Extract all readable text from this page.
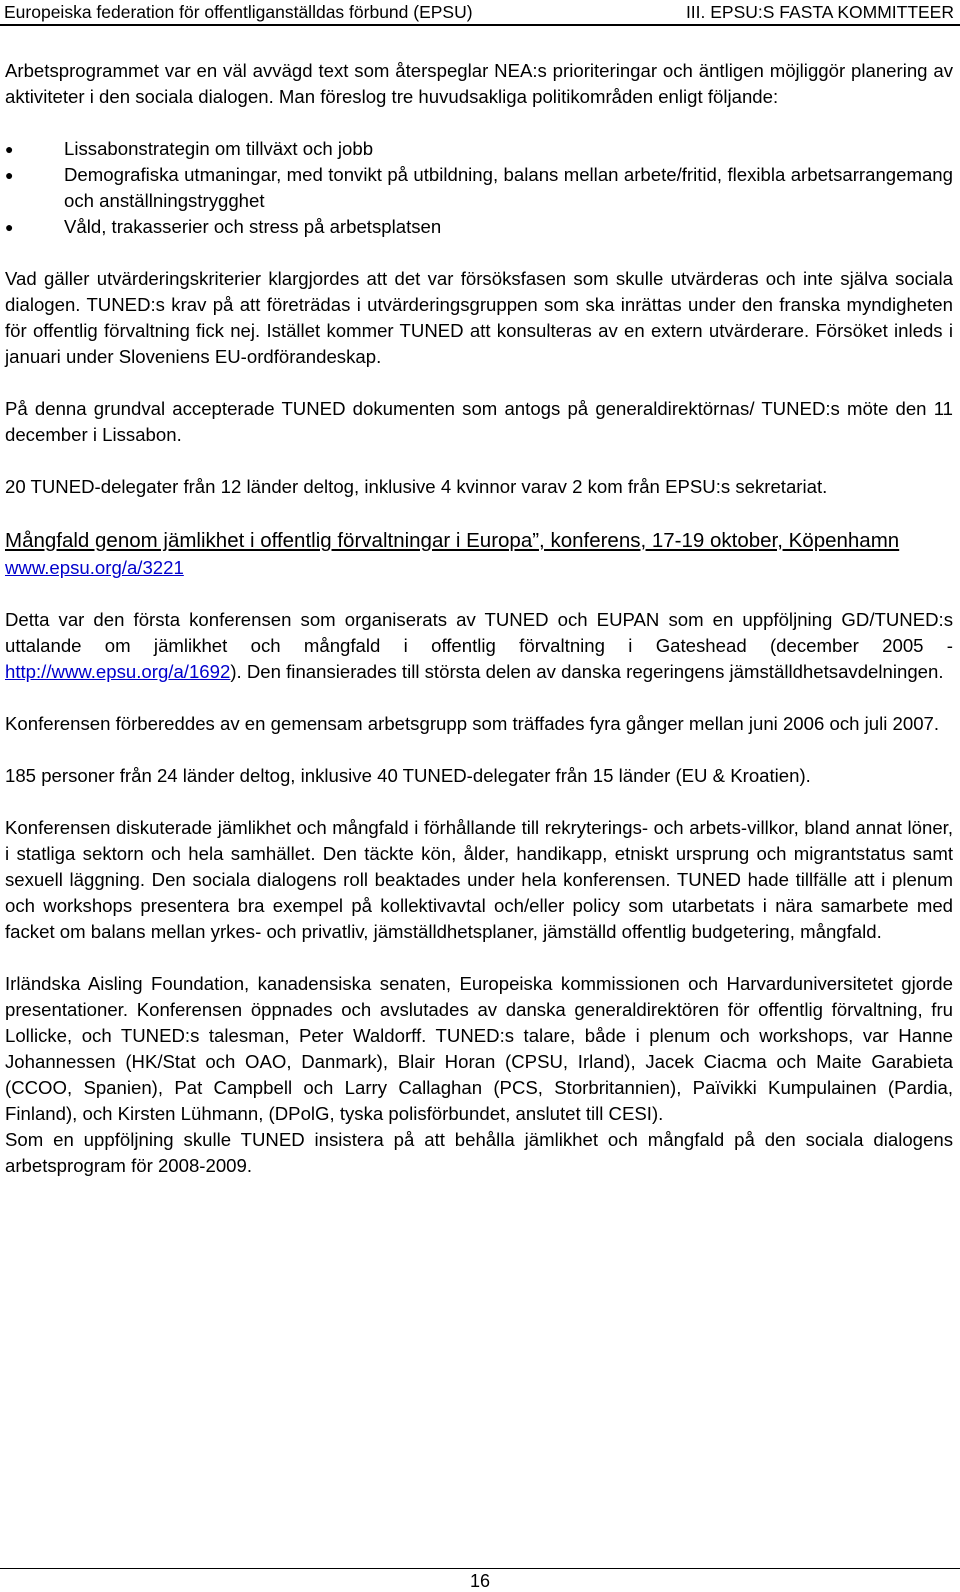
Europeiska federation för offentliganställdas förbund (EPSU)	III. EPSU:S FASTA KOMMITTEER

Arbetsprogrammet var en väl avvägd text som återspeglar NEA:s prioriteringar och äntligen möjliggör planering av aktiviteter i den sociala dialogen. Man föreslog tre huvudsakliga politikområden enligt följande:

●	Lissabonstrategin om tillväxt och jobb
●	Demografiska utmaningar, med tonvikt på utbildning, balans mellan arbete/fritid, flexibla arbetsarrangemang och anställningstrygghet
●	Våld, trakasserier och stress på arbetsplatsen

Vad gäller utvärderingskriterier klargjordes att det var försöksfasen som skulle utvärderas och inte själva sociala dialogen. TUNED:s krav på att företrädas i utvärderingsgruppen som ska inrättas under den franska myndigheten för offentlig förvaltning fick nej. Istället kommer TUNED att konsulteras av en extern utvärderare. Försöket inleds i januari under Sloveniens EU-ordförandeskap.

På denna grundval accepterade TUNED dokumenten som antogs på generaldirektörnas/ TUNED:s möte den 11 december i Lissabon.

20 TUNED-delegater från 12 länder deltog, inklusive 4 kvinnor varav 2 kom från EPSU:s sekretariat.

Mångfald genom jämlikhet i offentlig förvaltningar i Europa”, konferens, 17-19 oktober, Köpenhamn

www.epsu.org/a/3221

Detta var den första konferensen som organiserats av TUNED och EUPAN som en uppföljning GD/TUNED:s uttalande om jämlikhet och mångfald i offentlig förvaltning i Gateshead (december 2005 - http://www.epsu.org/a/1692). Den finansierades till största delen av danska regeringens jämställdhetsavdelningen.

Konferensen förbereddes av en gemensam arbetsgrupp som träffades fyra gånger mellan juni 2006 och juli 2007.

185 personer från 24 länder deltog, inklusive 40 TUNED-delegater från 15 länder (EU & Kroatien).

Konferensen diskuterade jämlikhet och mångfald i förhållande till rekryterings- och arbets-villkor, bland annat löner, i statliga sektorn och hela samhället. Den täckte kön, ålder, handikapp, etniskt ursprung och migrantstatus samt sexuell läggning. Den sociala dialogens roll beaktades under hela konferensen. TUNED hade tillfälle att i plenum och workshops presentera bra exempel på kollektivavtal och/eller policy som utarbetats i nära samarbete med facket om balans mellan yrkes- och privatliv, jämställdhetsplaner, jämställd offentlig budgetering, mångfald.

Irländska Aisling Foundation, kanadensiska senaten, Europeiska kommissionen och Harvarduniversitetet gjorde presentationer. Konferensen öppnades och avslutades av danska generaldirektören för offentlig förvaltning, fru Lollicke, och TUNED:s talesman, Peter Waldorff. TUNED:s talare, både i plenum och workshops, var Hanne Johannessen (HK/Stat och OAO, Danmark), Blair Horan (CPSU, Irland), Jacek Ciacma och Maite Garabieta (CCOO, Spanien), Pat Campbell och Larry Callaghan (PCS, Storbritannien), Païvikki Kumpulainen (Pardia, Finland), och Kirsten Lühmann, (DPolG, tyska polisförbundet, anslutet till CESI).

Som en uppföljning skulle TUNED insistera på att behålla jämlikhet och mångfald på den sociala dialogens arbetsprogram för 2008-2009.

16
